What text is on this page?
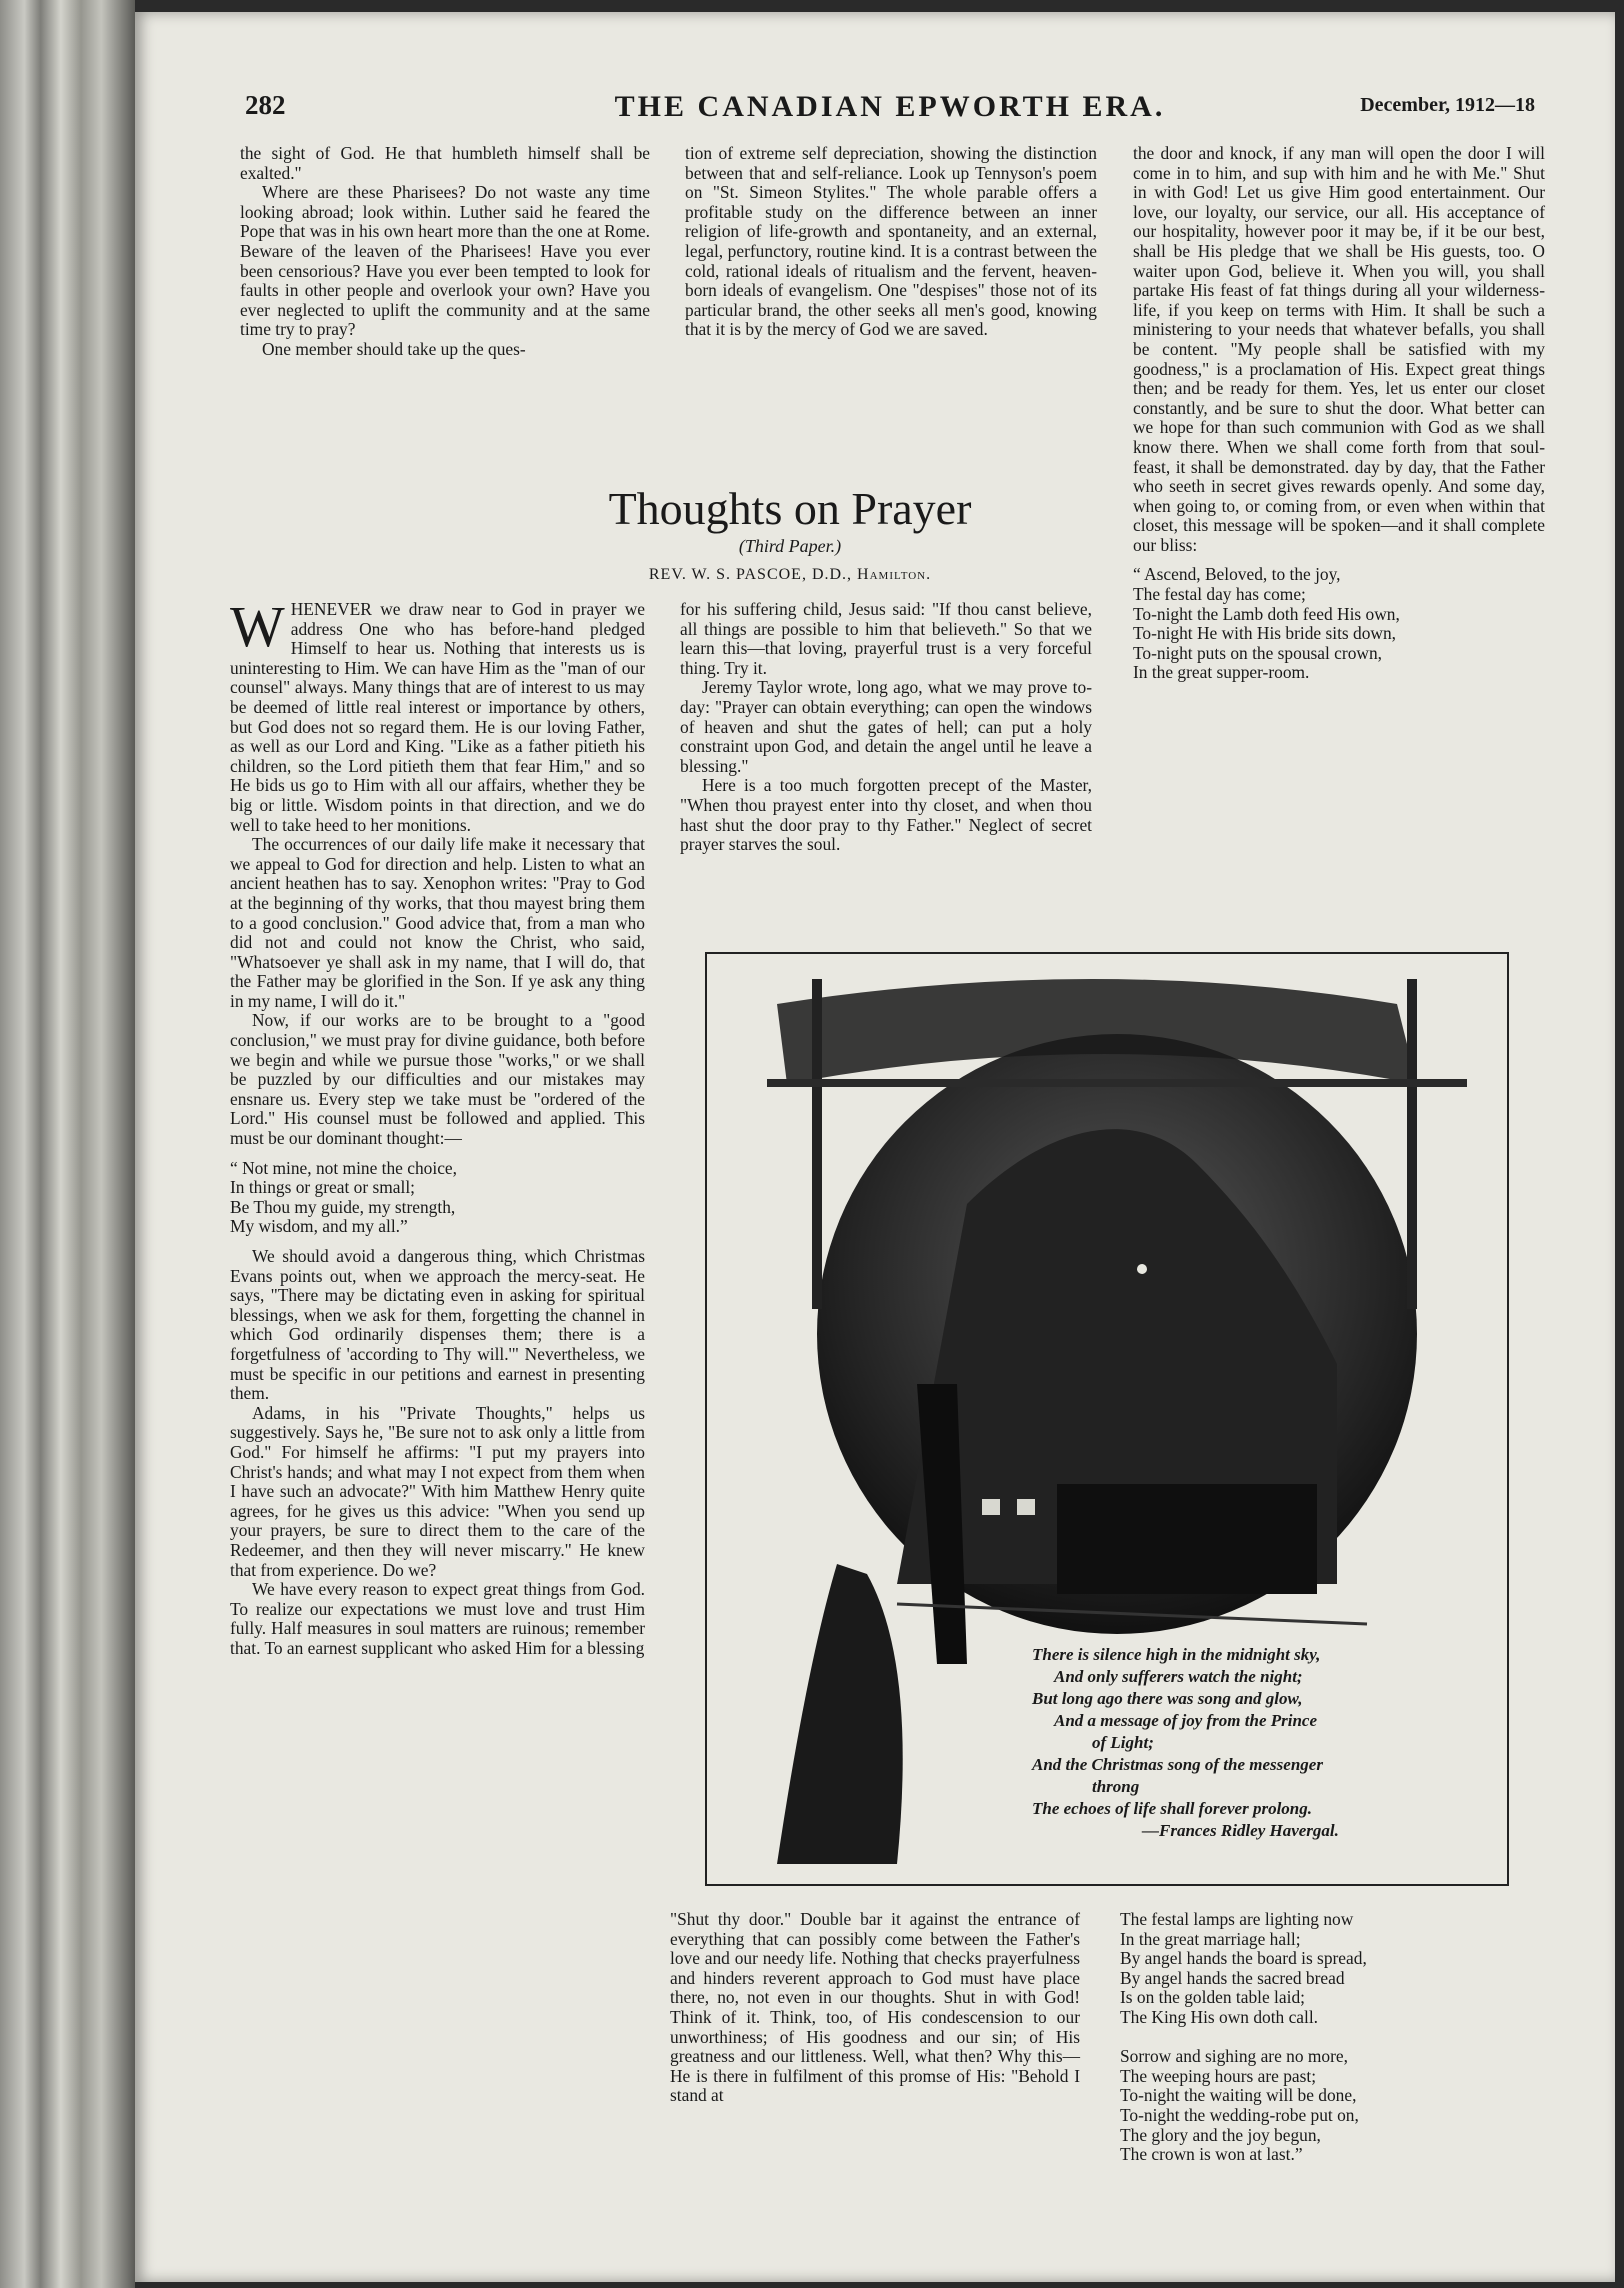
282	THE CANADIAN EPWORTH ERA.	December, 1912—18

the sight of God. He that humbleth himself shall be exalted."

Where are these Pharisees? Do not waste any time looking abroad; look within. Luther said he feared the Pope that was in his own heart more than the one at Rome. Beware of the leaven of the Pharisees! Have you ever been censorious? Have you ever been tempted to look for faults in other people and overlook your own? Have you ever neglected to uplift the community and at the same time try to pray?

One member should take up the ques-

tion of extreme self depreciation, showing the distinction between that and self-reliance. Look up Tennyson's poem on "St. Simeon Stylites." The whole parable offers a profitable study on the difference between an inner religion of life-growth and spontaneity, and an external, legal, perfunctory, routine kind. It is a contrast between the cold, rational ideals of ritualism and the fervent, heaven-born ideals of evangelism. One "despises" those not of its particular brand, the other seeks all men's good, knowing that it is by the mercy of God we are saved.

the door and knock, if any man will open the door I will come in to him, and sup with him and he with Me." Shut in with God! Let us give Him good entertainment. Our love, our loyalty, our service, our all. His acceptance of our hospitality, however poor it may be, if it be our best, shall be His pledge that we shall be His guests, too. O waiter upon God, believe it. When you will, you shall partake His feast of fat things during all your wilderness-life, if you keep on terms with Him. It shall be such a ministering to your needs that whatever befalls, you shall be content. "My people shall be satisfied with my goodness," is a proclamation of His. Expect great things then; and be ready for them. Yes, let us enter our closet constantly, and be sure to shut the door. What better can we hope for than such communion with God as we shall know there. When we shall come forth from that soul-feast, it shall be demonstrated. day by day, that the Father who seeth in secret gives rewards openly. And some day, when going to, or coming from, or even when within that closet, this message will be spoken—and it shall complete our bliss:

“ Ascend, Beloved, to the joy,
The festal day has come;
To-night the Lamb doth feed His own,
To-night He with His bride sits down,
To-night puts on the spousal crown,
In the great supper-room.

Thoughts on Prayer
(Third Paper.)
REV. W. S. PASCOE, D.D., Hamilton.

WHENEVER we draw near to God in prayer we address One who has before-hand pledged Himself to hear us. Nothing that interests us is uninteresting to Him. We can have Him as the "man of our counsel" always. Many things that are of interest to us may be deemed of little real interest or importance by others, but God does not so regard them. He is our loving Father, as well as our Lord and King. "Like as a father pitieth his children, so the Lord pitieth them that fear Him," and so He bids us go to Him with all our affairs, whether they be big or little. Wisdom points in that direction, and we do well to take heed to her monitions.

The occurrences of our daily life make it necessary that we appeal to God for direction and help. Listen to what an ancient heathen has to say. Xenophon writes: "Pray to God at the beginning of thy works, that thou mayest bring them to a good conclusion." Good advice that, from a man who did not and could not know the Christ, who said, "Whatsoever ye shall ask in my name, that I will do, that the Father may be glorified in the Son. If ye ask any thing in my name, I will do it."

Now, if our works are to be brought to a "good conclusion," we must pray for divine guidance, both before we begin and while we pursue those "works," or we shall be puzzled by our difficulties and our mistakes may ensnare us. Every step we take must be "ordered of the Lord." His counsel must be followed and applied. This must be our dominant thought:—

“ Not mine, not mine the choice,
In things or great or small;
Be Thou my guide, my strength,
My wisdom, and my all.”

We should avoid a dangerous thing, which Christmas Evans points out, when we approach the mercy-seat. He says, "There may be dictating even in asking for spiritual blessings, when we ask for them, forgetting the channel in which God ordinarily dispenses them; there is a forgetfulness of 'according to Thy will.'" Nevertheless, we must be specific in our petitions and earnest in presenting them.

Adams, in his "Private Thoughts," helps us suggestively. Says he, "Be sure not to ask only a little from God." For himself he affirms: "I put my prayers into Christ's hands; and what may I not expect from them when I have such an advocate?" With him Matthew Henry quite agrees, for he gives us this advice: "When you send up your prayers, be sure to direct them to the care of the Redeemer, and then they will never miscarry." He knew that from experience. Do we?

We have every reason to expect great things from God. To realize our expectations we must love and trust Him fully. Half measures in soul matters are ruinous; remember that. To an earnest supplicant who asked Him for a blessing

for his suffering child, Jesus said: "If thou canst believe, all things are possible to him that believeth." So that we learn this—that loving, prayerful trust is a very forceful thing. Try it.

Jeremy Taylor wrote, long ago, what we may prove to-day: "Prayer can obtain everything; can open the windows of heaven and shut the gates of hell; can put a holy constraint upon God, and detain the angel until he leave a blessing."

Here is a too much forgotten precept of the Master, "When thou prayest enter into thy closet, and when thou hast shut the door pray to thy Father." Neglect of secret prayer starves the soul.

There is silence high in the midnight sky,
And only sufferers watch the night;
But long ago there was song and glow,
And a message of joy from the Prince
of Light;
And the Christmas song of the messenger
throng
The echoes of life shall forever prolong.
—Frances Ridley Havergal.

"Shut thy door." Double bar it against the entrance of everything that can possibly come between the Father's love and our needy life. Nothing that checks prayerfulness and hinders reverent approach to God must have place there, no, not even in our thoughts. Shut in with God! Think of it. Think, too, of His condescension to our unworthiness; of His goodness and our sin; of His greatness and our littleness. Well, what then? Why this—He is there in fulfilment of this promse of His: "Behold I stand at

The festal lamps are lighting now
In the great marriage hall;
By angel hands the board is spread,
By angel hands the sacred bread
Is on the golden table laid;
The King His own doth call.

Sorrow and sighing are no more,
The weeping hours are past;
To-night the waiting will be done,
To-night the wedding-robe put on,
The glory and the joy begun,
The crown is won at last.”
